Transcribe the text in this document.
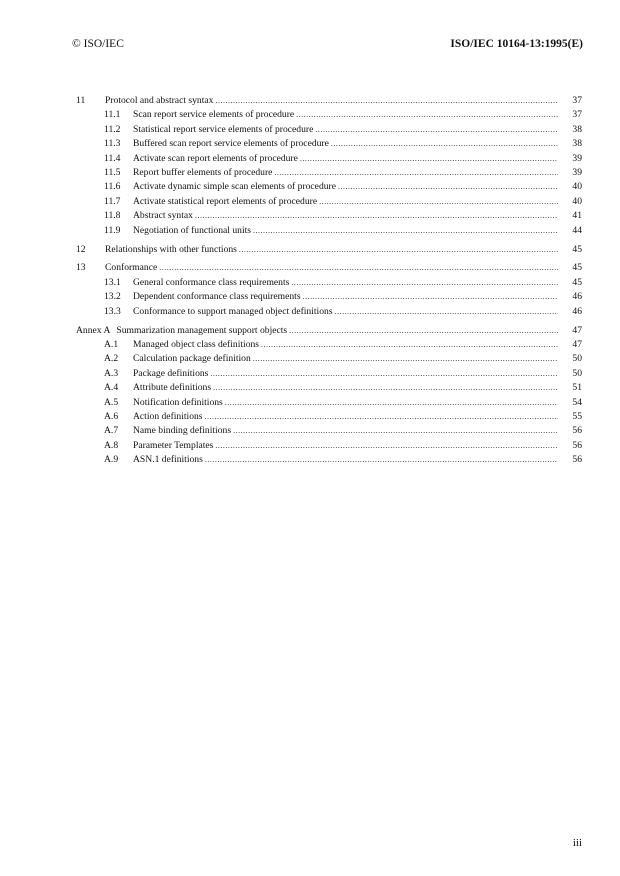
© ISO/IEC	ISO/IEC 10164-13:1995(E)
11	Protocol and abstract syntax .....	37
11.1	Scan report service elements of procedure .....	37
11.2	Statistical report service elements of procedure .....	38
11.3	Buffered scan report service elements of procedure .....	38
11.4	Activate scan report elements of procedure .....	39
11.5	Report buffer elements of procedure .....	39
11.6	Activate dynamic simple scan elements of procedure .....	40
11.7	Activate statistical report elements of procedure .....	40
11.8	Abstract syntax .....	41
11.9	Negotiation of functional units .....	44
12	Relationships with other functions .....	45
13	Conformance .....	45
13.1	General conformance class requirements .....	45
13.2	Dependent conformance class requirements .....	46
13.3	Conformance to support managed object definitions .....	46
Annex A Summarization management support objects .....	47
A.1	Managed object class definitions .....	47
A.2	Calculation package definition .....	50
A.3	Package definitions .....	50
A.4	Attribute definitions .....	51
A.5	Notification definitions .....	54
A.6	Action definitions .....	55
A.7	Name binding definitions .....	56
A.8	Parameter Templates .....	56
A.9	ASN.1 definitions .....	56
iii
